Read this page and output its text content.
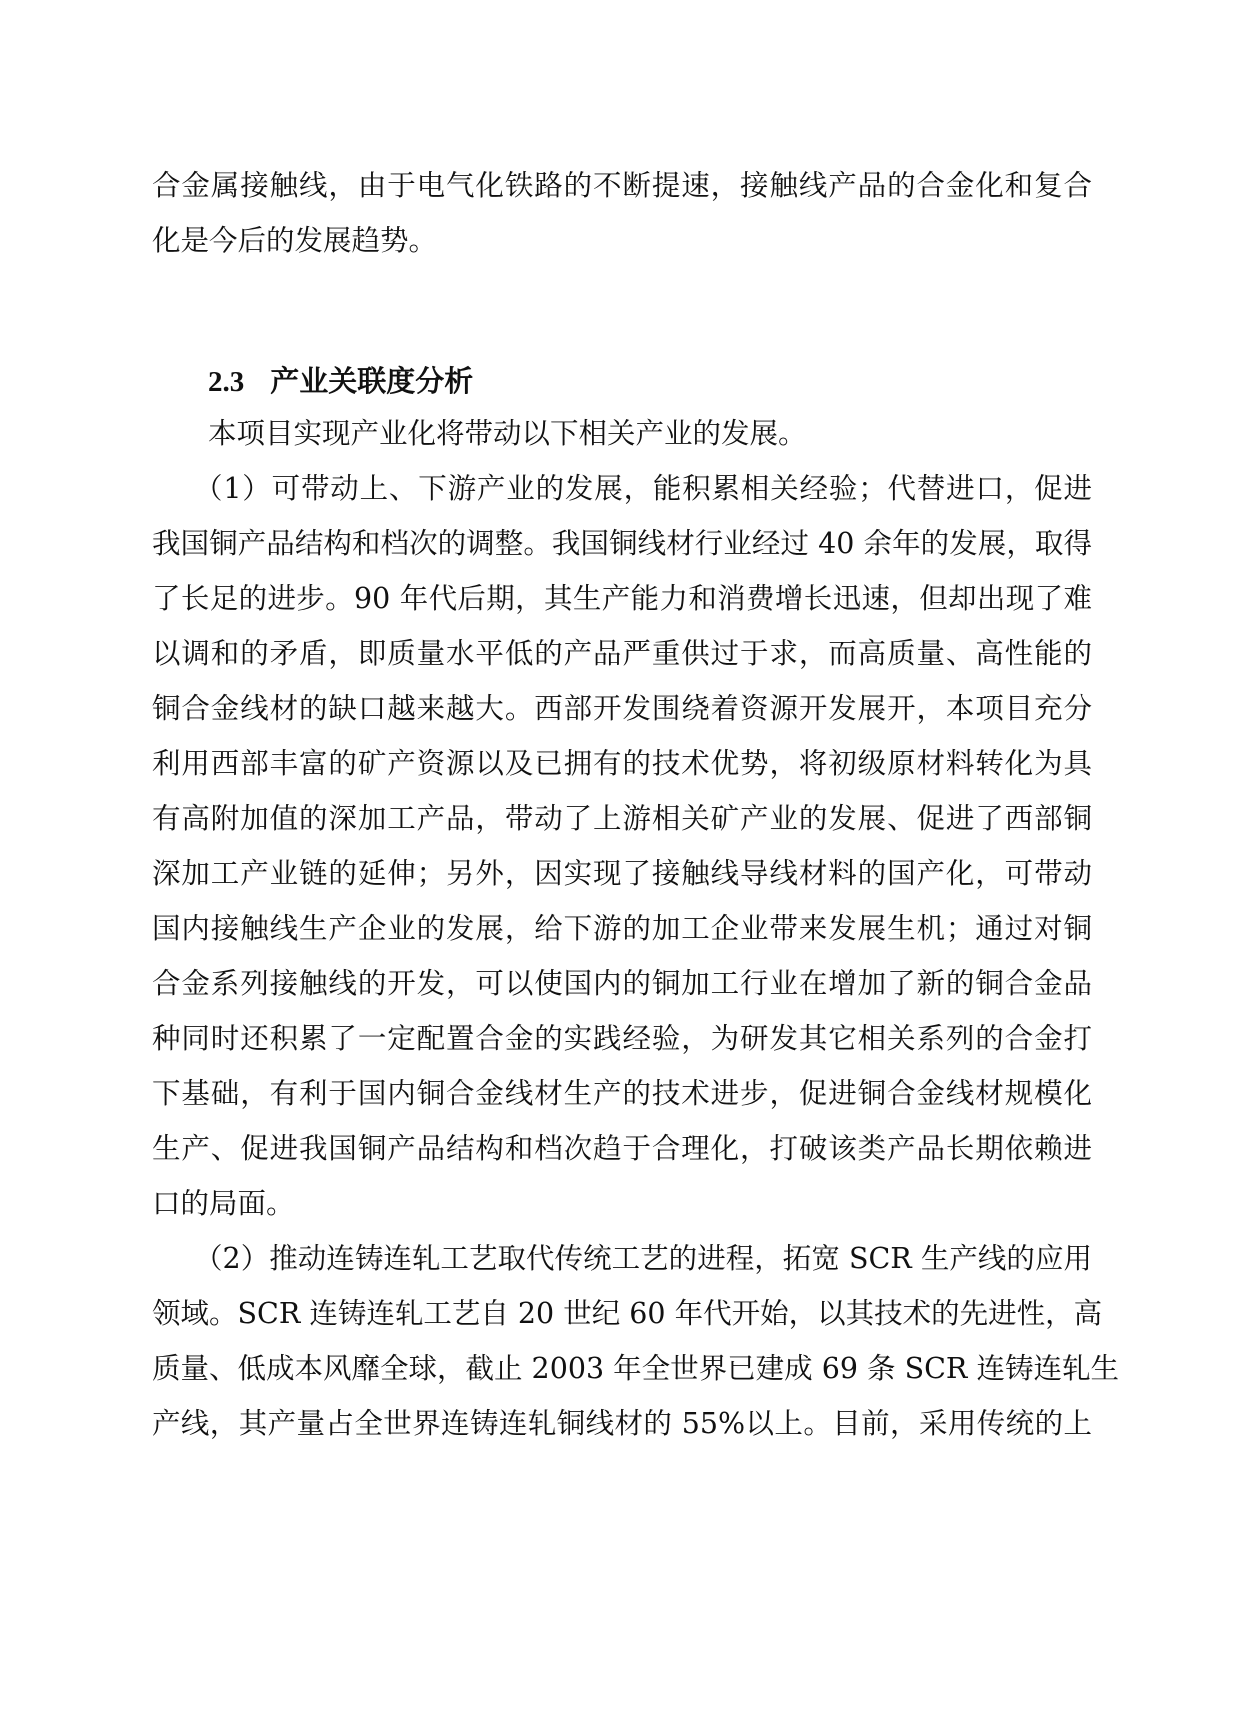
合金属接触线，由于电气化铁路的不断提速，接触线产品的合金化和复合
化是今后的发展趋势。
2.3 产业关联度分析
本项目实现产业化将带动以下相关产业的发展。
（1）可带动上、下游产业的发展，能积累相关经验；代替进口，促进
我国铜产品结构和档次的调整。我国铜线材行业经过 40 余年的发展，取得
了长足的进步。90 年代后期，其生产能力和消费增长迅速，但却出现了难
以调和的矛盾，即质量水平低的产品严重供过于求，而高质量、高性能的
铜合金线材的缺口越来越大。西部开发围绕着资源开发展开，本项目充分
利用西部丰富的矿产资源以及已拥有的技术优势，将初级原材料转化为具
有高附加值的深加工产品，带动了上游相关矿产业的发展、促进了西部铜
深加工产业链的延伸；另外，因实现了接触线导线材料的国产化，可带动
国内接触线生产企业的发展，给下游的加工企业带来发展生机；通过对铜
合金系列接触线的开发，可以使国内的铜加工行业在增加了新的铜合金品
种同时还积累了一定配置合金的实践经验，为研发其它相关系列的合金打
下基础，有利于国内铜合金线材生产的技术进步，促进铜合金线材规模化
生产、促进我国铜产品结构和档次趋于合理化，打破该类产品长期依赖进
口的局面。
（2）推动连铸连轧工艺取代传统工艺的进程，拓宽 SCR 生产线的应用
领域。SCR 连铸连轧工艺自 20 世纪 60 年代开始，以其技术的先进性，高
质量、低成本风靡全球，截止 2003 年全世界已建成 69 条 SCR 连铸连轧生
产线，其产量占全世界连铸连轧铜线材的 55%以上。目前，采用传统的上
